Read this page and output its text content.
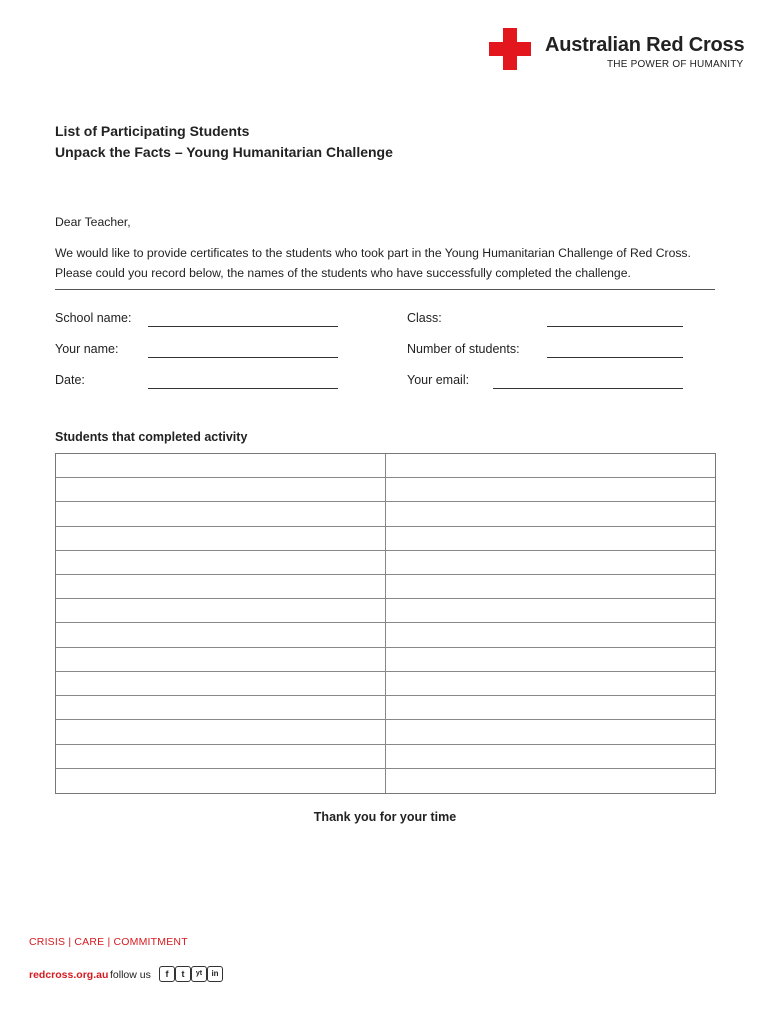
Australian Red Cross
THE POWER OF HUMANITY
List of Participating Students
Unpack the Facts – Young Humanitarian Challenge
Dear Teacher,
We would like to provide certificates to the students who took part in the Young Humanitarian Challenge of Red Cross. Please could you record below, the names of the students who have successfully completed the challenge.
School name:	Class:
Your name:	Number of students:
Date:	Your email:
Students that completed activity
Thank you for your time
CRISIS | CARE | COMMITMENT
redcross.org.au follow us	f	t	yt	in
